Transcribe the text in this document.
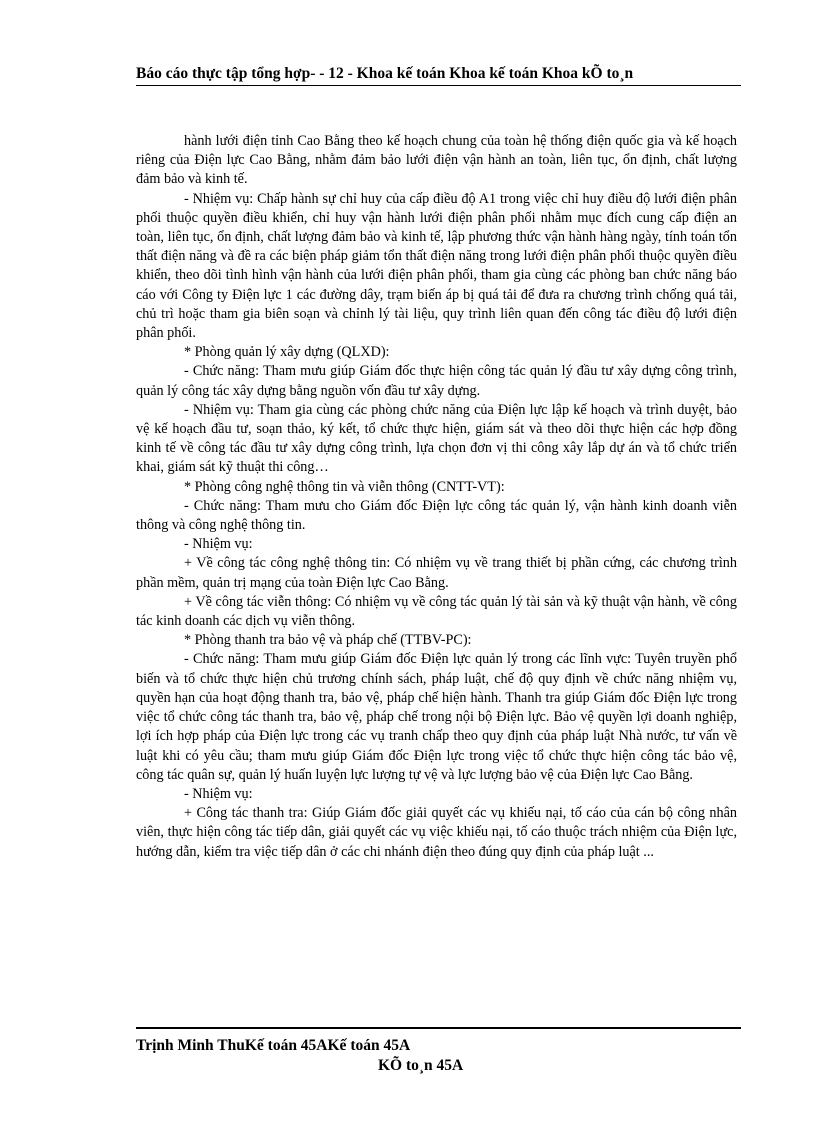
Báo cáo thực tập tổng hợp- - 12 - Khoa kế toán Khoa kế toán Khoa kÕ to¸n

hành lưới điện tỉnh Cao Bằng theo kế hoạch chung của toàn hệ thống điện quốc gia và kế hoạch riêng của Điện lực Cao Bằng, nhằm đảm bảo lưới điện vận hành an toàn, liên tục, ổn định, chất lượng đảm bảo và kinh tế.

- Nhiệm vụ: Chấp hành sự chỉ huy của cấp điều độ A1 trong việc chỉ huy điều độ lưới điện phân phối thuộc quyền điều khiển, chỉ huy vận hành lưới điện phân phối nhằm mục đích cung cấp điện an toàn, liên tục, ổn định, chất lượng đảm bảo và kinh tế, lập phương thức vận hành hàng ngày, tính toán tổn thất điện năng và đề ra các biện pháp giảm tổn thất điện năng trong lưới điện phân phối thuộc quyền điều khiển, theo dõi tình hình vận hành của lưới điện phân phối, tham gia cùng các phòng ban chức năng báo cáo với Công ty Điện lực 1 các đường dây, trạm biến áp bị quá tải để đưa ra chương trình chống quá tải, chủ trì hoặc tham gia biên soạn và chỉnh lý tài liệu, quy trình liên quan đến công tác điều độ lưới điện phân phối.

* Phòng quản lý xây dựng (QLXD):

- Chức năng: Tham mưu giúp Giám đốc thực hiện công tác quản lý đầu tư xây dựng công trình, quản lý công tác xây dựng bằng nguồn vốn đầu tư xây dựng.

- Nhiệm vụ: Tham gia cùng các phòng chức năng của Điện lực lập kế hoạch và trình duyệt, bảo vệ kế hoạch đầu tư, soạn thảo, ký kết, tổ chức thực hiện, giám sát và theo dõi thực hiện các hợp đồng kinh tế về công tác đầu tư xây dựng công trình, lựa chọn đơn vị thi công xây lắp dự án và tổ chức triển khai, giám sát kỹ thuật thi công…

* Phòng công nghệ thông tin và viễn thông (CNTT-VT):

- Chức năng: Tham mưu cho Giám đốc Điện lực công tác quản lý, vận hành kinh doanh viễn thông và công nghệ thông tin.

- Nhiệm vụ:

+ Về công tác công nghệ thông tin: Có nhiệm vụ về trang thiết bị phần cứng, các chương trình phần mềm, quản trị mạng của toàn Điện lực Cao Bằng.

+ Về công tác viễn thông: Có nhiệm vụ về công tác quản lý tài sản và kỹ thuật vận hành, về công tác kinh doanh các dịch vụ viễn thông.

* Phòng thanh tra bảo vệ và pháp chế (TTBV-PC):

- Chức năng: Tham mưu giúp Giám đốc Điện lực quản lý trong các lĩnh vực: Tuyên truyền phổ biến và tổ chức thực hiện chủ trương chính sách, pháp luật, chế độ quy định về chức năng nhiệm vụ, quyền hạn của hoạt động thanh tra, bảo vệ, pháp chế hiện hành. Thanh tra giúp Giám đốc Điện lực trong việc tổ chức công tác thanh tra, bảo vệ, pháp chế trong nội bộ Điện lực. Bảo vệ quyền lợi doanh nghiệp, lợi ích hợp pháp của Điện lực trong các vụ tranh chấp theo quy định của pháp luật Nhà nước, tư vấn về luật khi có yêu cầu; tham mưu giúp Giám đốc Điện lực trong việc tổ chức thực hiện công tác bảo vệ, công tác quân sự, quản lý huấn luyện lực lượng tự vệ và lực lượng bảo vệ của Điện lực Cao Bằng.

- Nhiệm vụ:

+ Công tác thanh tra: Giúp Giám đốc giải quyết các vụ khiếu nại, tố cáo của cán bộ công nhân viên, thực hiện công tác tiếp dân, giải quyết các vụ việc khiếu nại, tố cáo thuộc trách nhiệm của Điện lực, hướng dẫn, kiểm tra việc tiếp dân ở các chi nhánh điện theo đúng quy định của pháp luật ...

Trịnh Minh ThuKế toán 45AKế toán 45A
KÕ to¸n 45A
